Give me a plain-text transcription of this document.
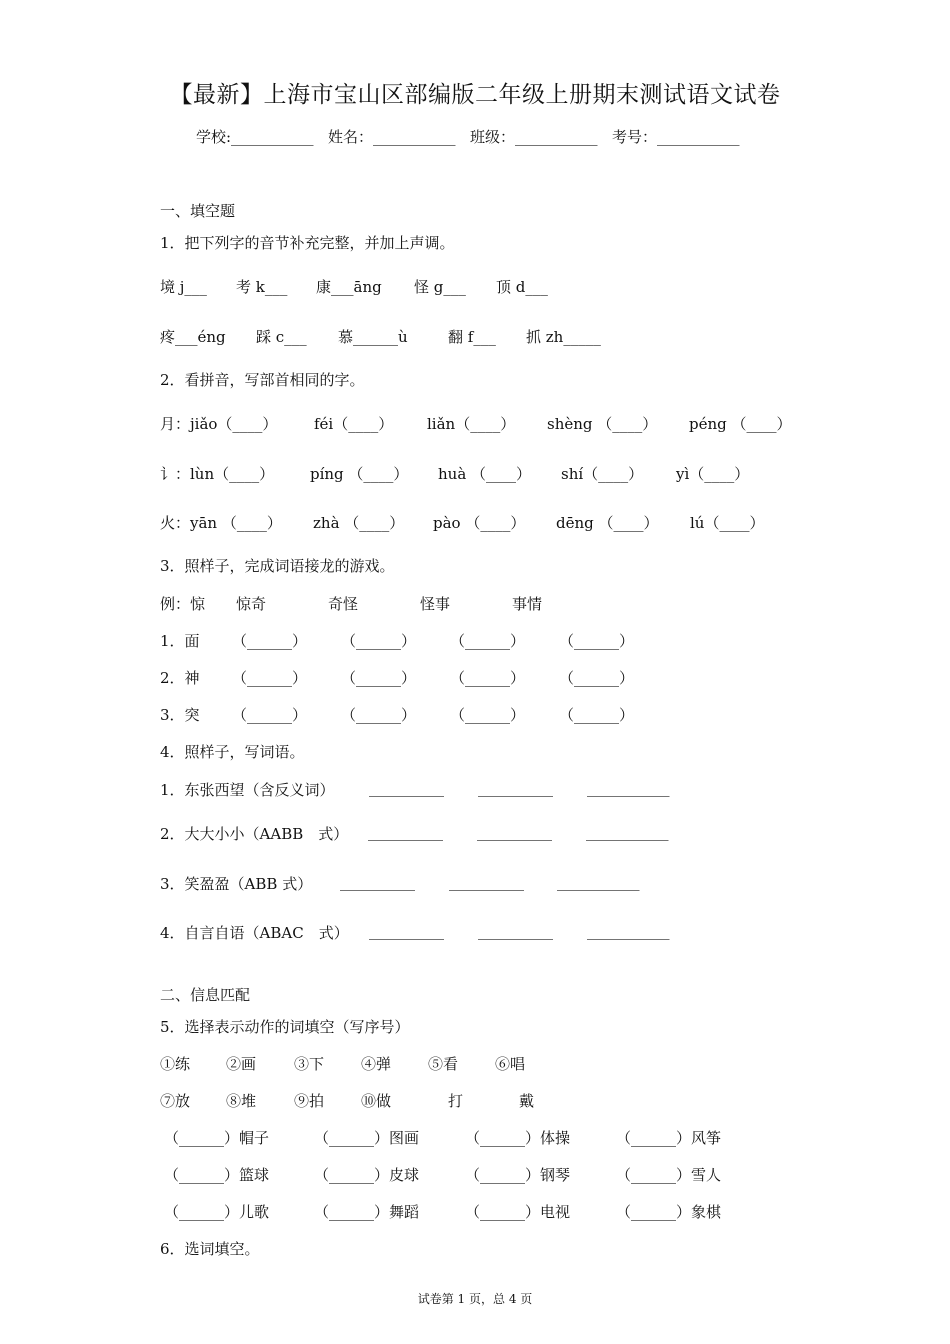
【最新】上海市宝山区部编版二年级上册期末测试语文试卷
学校:___________ 姓名：___________ 班级：___________ 考号：___________
一、填空题
1．把下列字的音节补充完整，并加上声调。
境 j___ 考 k___ 康___āng 怪 g___ 顶 d___
疼___éng 踩 c___ 慕______ù	翻 f___ 抓 zh_____
2．看拼音，写部首相同的字。
月：jiǎo（____） féi（____） liǎn（____） shèng （____） péng （____）
讠：lùn（____） píng （____） huà （____） shí（____） yì（____）
火：yān （____） zhà （____） pào （____） dēng （____） lú（____）
3．照样子，完成词语接龙的游戏。
例：惊 惊奇	奇怪	怪事	事情
1．面 （______） （______） （______） （______）
2．神 （______） （______） （______） （______）
3．突 （______） （______） （______） （______）
4．照样子，写词语。
1．东张西望（含反义词） __________ __________ ___________
2．大大小小（AABB　式） __________ __________ ___________
3．笑盈盈（ABB 式） __________ __________ ___________
4．自言自语（ABAC　式） __________ __________ ___________
二、信息匹配
5．选择表示动作的词填空（写序号）
①练 ②画	③下 ④弹 ⑤看 ⑥唱
⑦放 ⑧堆	⑨拍 ⑩做	打	戴
（______）帽子	（______）图画	（______）体操	（______）风筝
（______）篮球	（______）皮球	（______）钢琴	（______）雪人
（______）儿歌	（______）舞蹈	（______）电视	（______）象棋
6．选词填空。
试卷第 1 页，总 4 页
